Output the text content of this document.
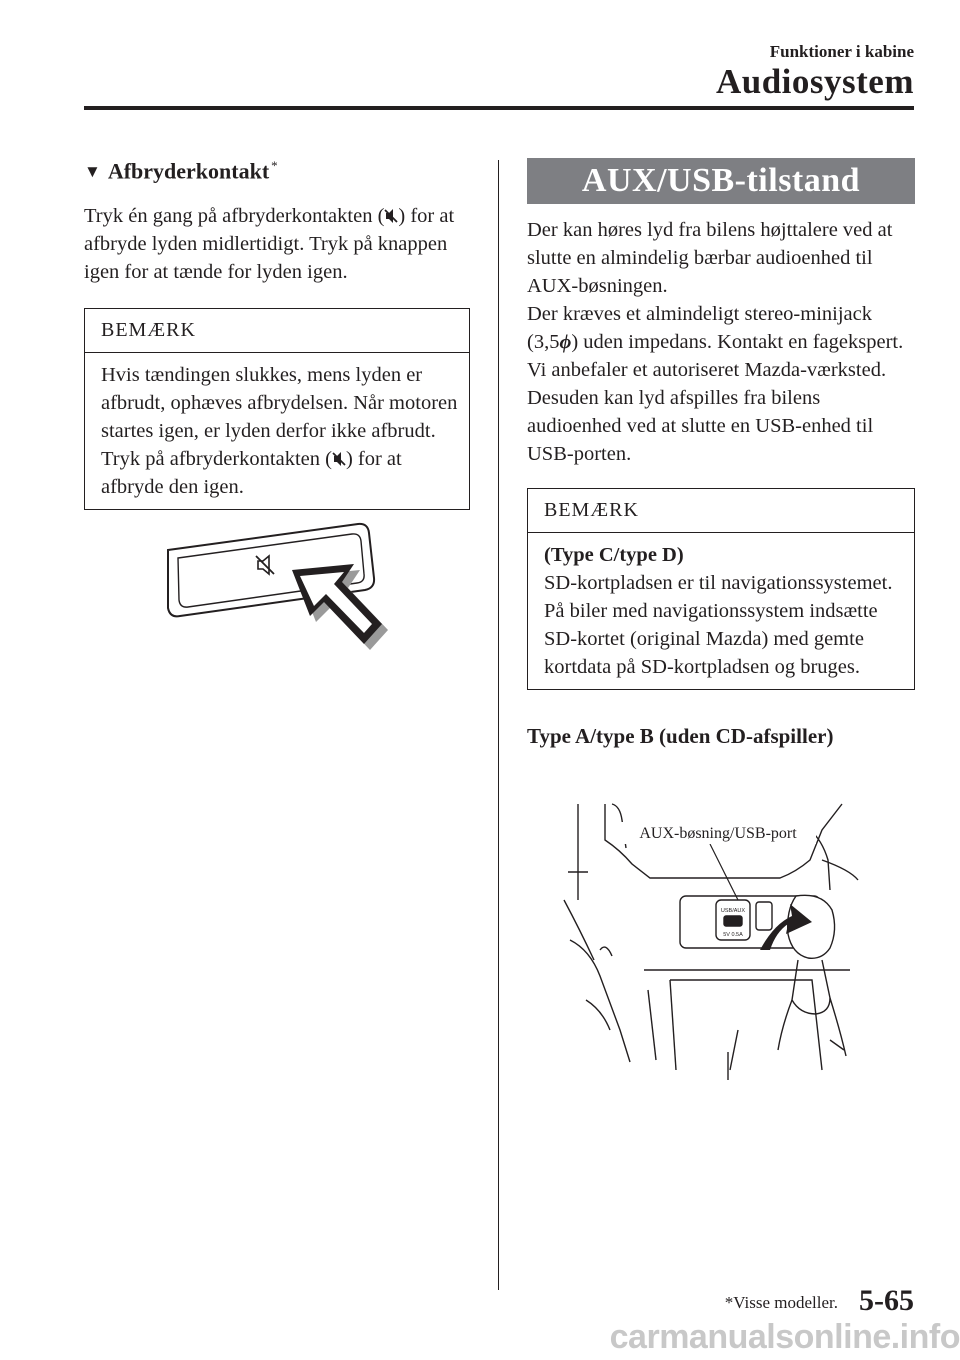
Funktioner i kabine
Audiosystem
▼ Afbryderkontakt *

Tryk én gang på afbryderkontakten ( ) for at afbryde lyden midlertidigt. Tryk på knappen igen for at tænde for lyden igen.

BEMÆRK
Hvis tændingen slukkes, mens lyden er afbrudt, ophæves afbrydelsen. Når motoren startes igen, er lyden derfor ikke afbrudt. Tryk på afbryderkontakten ( ) for at afbryde den igen.
AUX/USB-tilstand

Der kan høres lyd fra bilens højttalere ved at slutte en almindelig bærbar audioenhed til AUX-bøsningen.

Der kræves et almindeligt stereo-minijack (3,5ϕ) uden impedans. Kontakt en fagekspert. Vi anbefaler et autoriseret Mazda-værksted.

Desuden kan lyd afspilles fra bilens audioenhed ved at slutte en USB-enhed til USB-porten.

BEMÆRK
(Type C/type D)
SD-kortpladsen er til navigationssystemet. På biler med navigationssystem indsætte SD-kortet (original Mazda) med gemte kortdata på SD-kortpladsen og bruges.
Type A/type B (uden CD-afspiller)
USB/AUX
5V 0.5A
AUX-bøsning/USB-port
*Visse modeller. 5-65
carmanualsonline.info
